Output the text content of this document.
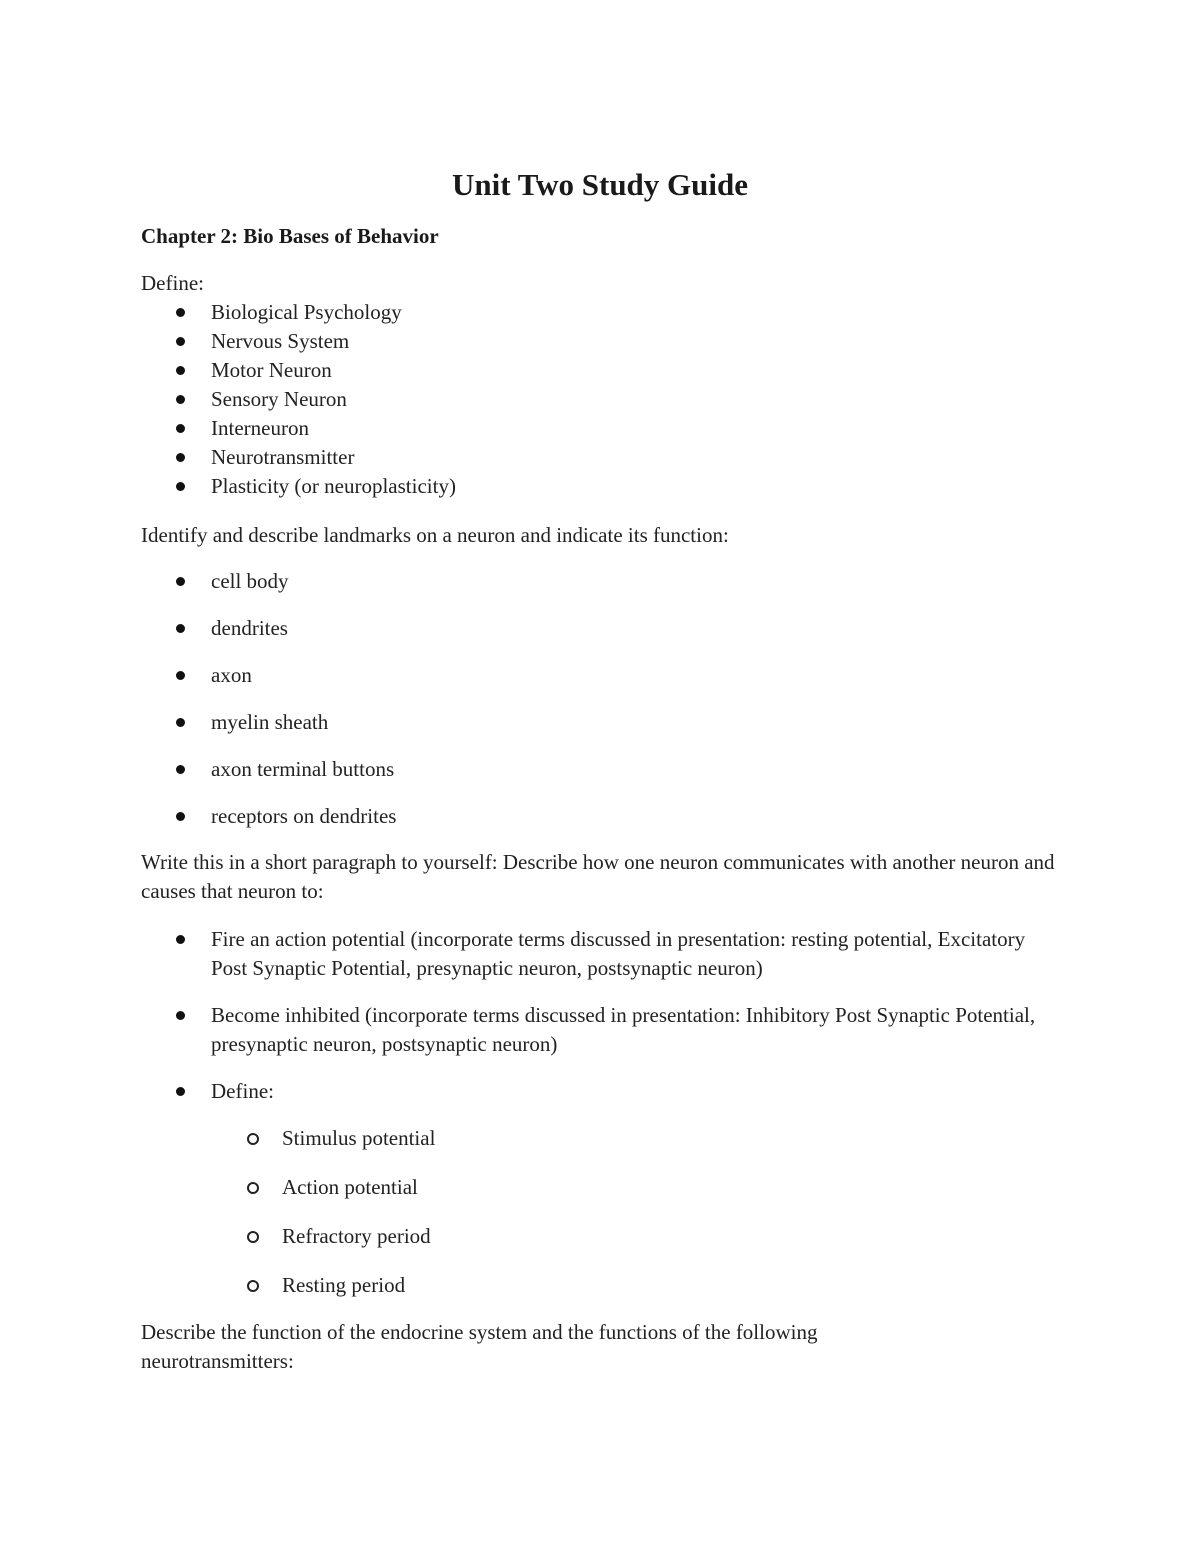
Unit Two Study Guide
Chapter 2: Bio Bases of Behavior

Define:

Biological Psychology
Nervous System
Motor Neuron
Sensory Neuron
Interneuron
Neurotransmitter
Plasticity (or neuroplasticity)

Identify and describe landmarks on a neuron and indicate its function:

cell body
dendrites
axon
myelin sheath
axon terminal buttons
receptors on dendrites

Write this in a short paragraph to yourself: Describe how one neuron communicates with another neuron and causes that neuron to:

Fire an action potential (incorporate terms discussed in presentation: resting potential, Excitatory Post Synaptic Potential, presynaptic neuron, postsynaptic neuron)
Become inhibited (incorporate terms discussed in presentation: Inhibitory Post Synaptic Potential, presynaptic neuron, postsynaptic neuron)
Define:
Stimulus potential
Action potential
Refractory period
Resting period

Describe the function of the endocrine system and the functions of the following neurotransmitters:
